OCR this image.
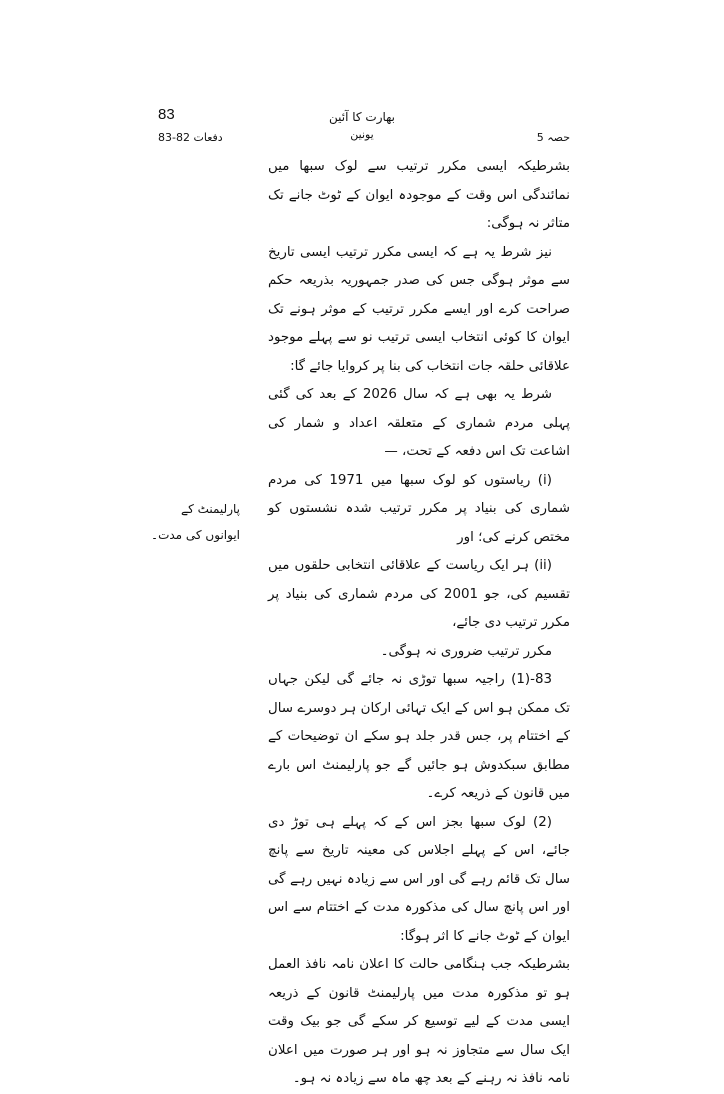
83	بھارت کا آئین
دفعات 82-83	یونین	حصہ 5

بشرطیکہ ایسی مکرر ترتیب سے لوک سبھا میں نمائندگی اس وقت کے موجودہ ایوان کے ٹوٹ جانے تک متاثر نہ ہوگی:

نیز شرط یہ ہے کہ ایسی مکرر ترتیب ایسی تاریخ سے موثر ہوگی جس کی صدر جمہوریہ بذریعہ حکم صراحت کرے اور ایسے مکرر ترتیب کے موثر ہونے تک ایوان کا کوئی انتخاب ایسی ترتیب نو سے پہلے موجود علاقائی حلقہ جات انتخاب کی بنا پر کروایا جائے گا:

شرط یہ بھی ہے کہ سال 2026 کے بعد کی گئی پہلی مردم شماری کے متعلقہ اعداد و شمار کی اشاعت تک اس دفعہ کے تحت، —

(i) ریاستوں کو لوک سبھا میں 1971 کی مردم شماری کی بنیاد پر مکرر ترتیب شدہ نشستوں کو مختص کرنے کی؛ اور

(ii) ہر ایک ریاست کے علاقائی انتخابی حلقوں میں تقسیم کی، جو 2001 کی مردم شماری کی بنیاد پر مکرر ترتیب دی جائے،

مکرر ترتیب ضروری نہ ہوگی۔

83-(1) راجیہ سبھا توڑی نہ جائے گی لیکن جہاں تک ممکن ہو اس کے ایک تہائی ارکان ہر دوسرے سال کے اختتام پر، جس قدر جلد ہو سکے ان توضیحات کے مطابق سبکدوش ہو جائیں گے جو پارلیمنٹ اس بارے میں قانون کے ذریعہ کرے۔

(2) لوک سبھا بجز اس کے کہ پہلے ہی توڑ دی جائے، اس کے پہلے اجلاس کی معینہ تاریخ سے پانچ سال تک قائم رہے گی اور اس سے زیادہ نہیں رہے گی اور اس پانچ سال کی مذکورہ مدت کے اختتام سے اس ایوان کے ٹوٹ جانے کا اثر ہوگا:

بشرطیکہ جب ہنگامی حالت کا اعلان نامہ نافذ العمل ہو تو مذکورہ مدت میں پارلیمنٹ قانون کے ذریعہ ایسی مدت کے لیے توسیع کر سکے گی جو بیک وقت ایک سال سے متجاوز نہ ہو اور ہر صورت میں اعلان نامہ نافذ نہ رہنے کے بعد چھ ماہ سے زیادہ نہ ہو۔

پارلیمنٹ کے ایوانوں کی مدت۔
